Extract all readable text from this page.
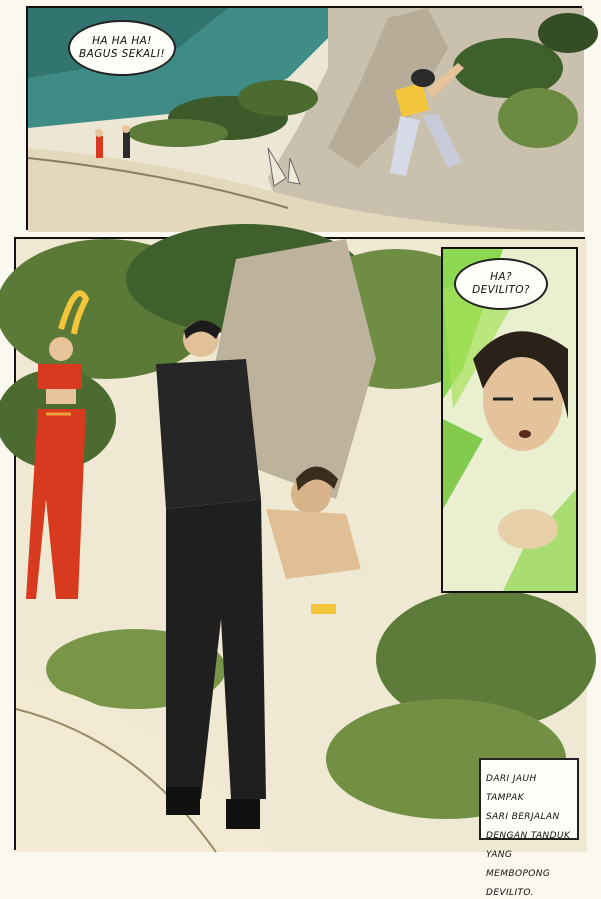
HA HA HA!
BAGUS SEKALI!
HA?
DEVILITO?
DARI JAUH TAMPAK
SARI BERJALAN
DENGAN TANDUK
YANG MEMBOPONG
DEVILITO.
